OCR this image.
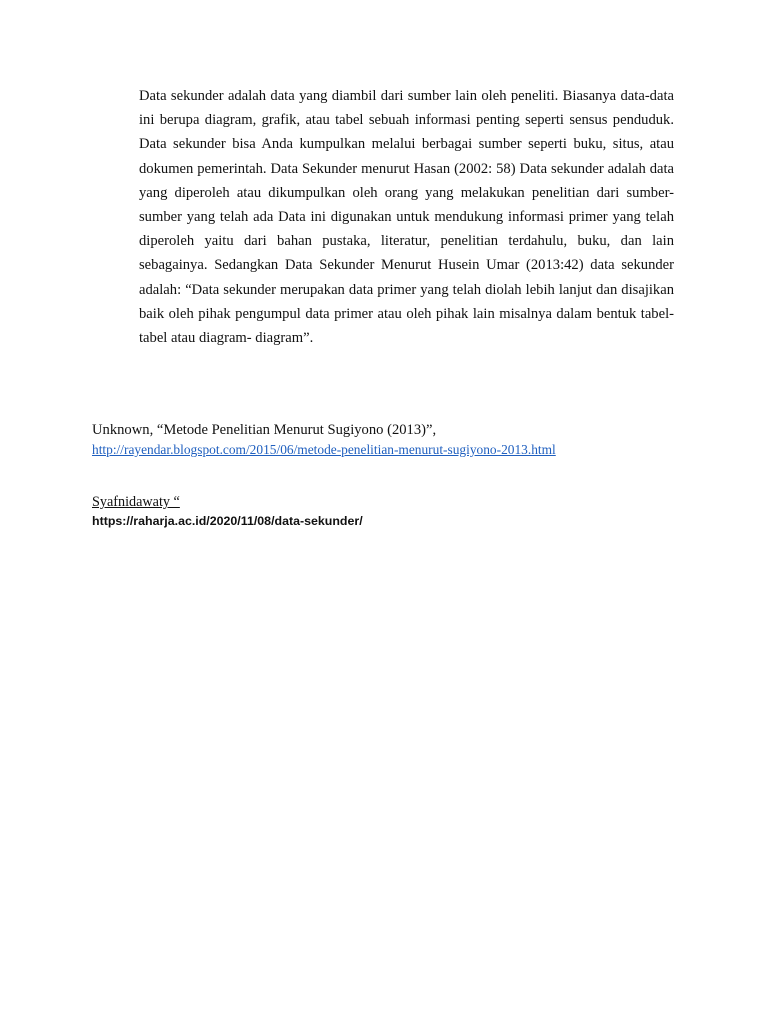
Data sekunder adalah data yang diambil dari sumber lain oleh peneliti. Biasanya data-data ini berupa diagram, grafik, atau tabel sebuah informasi penting seperti sensus penduduk. Data sekunder bisa Anda kumpulkan melalui berbagai sumber seperti buku, situs, atau dokumen pemerintah. Data Sekunder menurut Hasan (2002: 58) Data sekunder adalah data yang diperoleh atau dikumpulkan oleh orang yang melakukan penelitian dari sumber-sumber yang telah ada Data ini digunakan untuk mendukung informasi primer yang telah diperoleh yaitu dari bahan pustaka, literatur, penelitian terdahulu, buku, dan lain sebagainya. Sedangkan Data Sekunder Menurut Husein Umar (2013:42) data sekunder adalah: “Data sekunder merupakan data primer yang telah diolah lebih lanjut dan disajikan baik oleh pihak pengumpul data primer atau oleh pihak lain misalnya dalam bentuk tabel-tabel atau diagram- diagram”.

Unknown, “Metode Penelitian Menurut Sugiyono (2013)”,
http://rayendar.blogspot.com/2015/06/metode-penelitian-menurut-sugiyono-2013.html
Syafnidawaty “
https://raharja.ac.id/2020/11/08/data-sekunder/
